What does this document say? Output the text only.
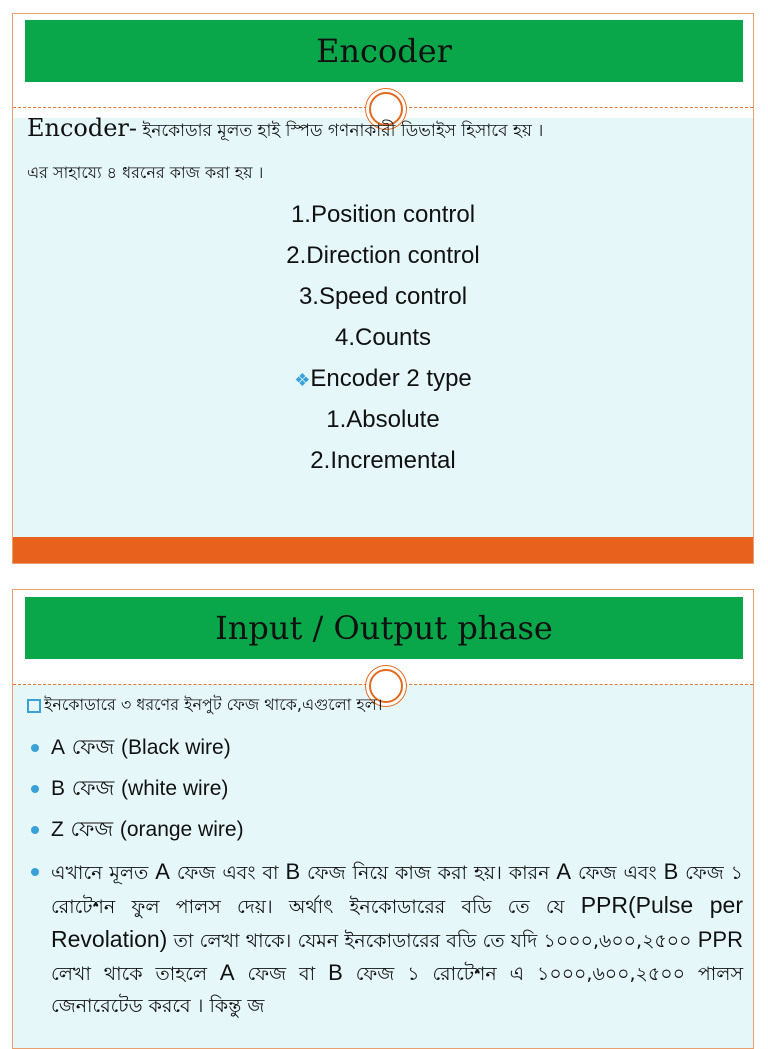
Encoder
Encoder- ইনকোডার মূলত হাই স্পিড গণনাকারী ডিভাইস হিসাবে হয় ।
এর সাহায্যে ৪ ধরনের কাজ করা হয় ।
1.Position control
2.Direction control
3.Speed control
4.Counts
❖Encoder 2 type
1.Absolute
2.Incremental
Input / Output phase
ইনকোডারে ৩ ধরণের ইনপুট ফেজ থাকে,এগুলো হল।
A ফেজ (Black wire)
B ফেজ (white wire)
Z ফেজ (orange wire)
এখানে মূলত A ফেজ এবং বা B ফেজ নিয়ে কাজ করা হয়। কারন A ফেজ এবং B ফেজ ১ রোটেশন ফুল পালস দেয়। অর্থাৎ ইনকোডারের বডি তে যে PPR(Pulse per Revolation) তা লেখা থাকে। যেমন ইনকোডারের বডি তে যদি ১০০০,৬০০,২৫০০ PPR লেখা থাকে তাহলে A ফেজ বা B ফেজ ১ রোটেশন এ ১০০০,৬০০,২৫০০ পালস জেনারেটেড করবে । কিন্তু জ
